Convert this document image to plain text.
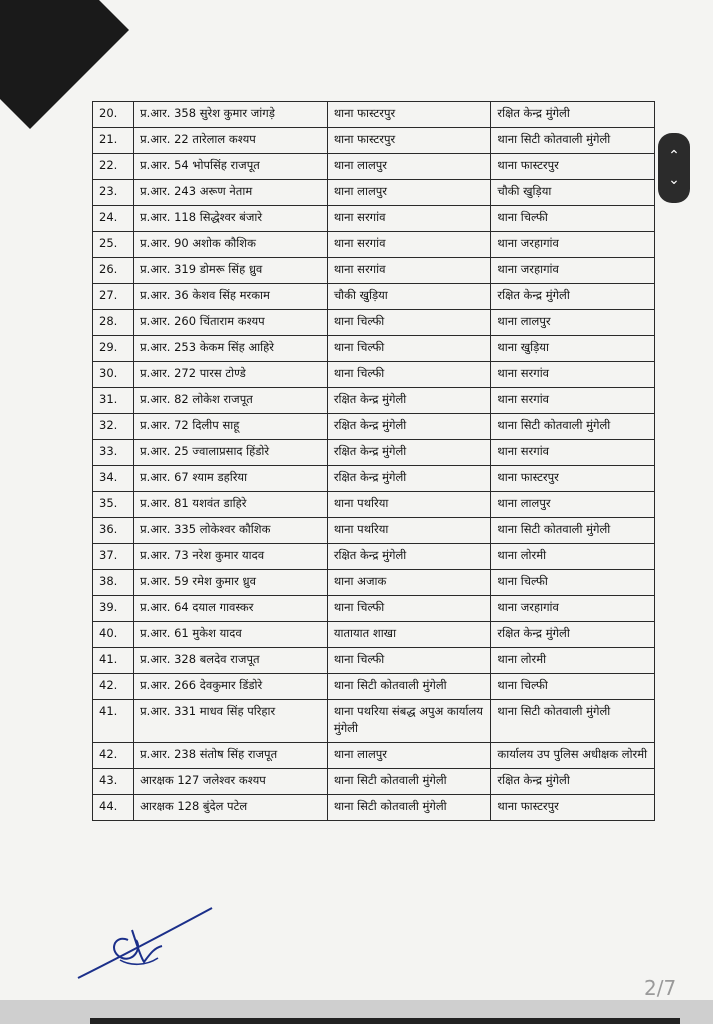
20.	प्र.आर. 358 सुरेश कुमार जांगड़े	थाना फास्टरपुर	रक्षित केन्द्र मुंगेली
21.	प्र.आर. 22 तारेलाल कश्यप	थाना फास्टरपुर	थाना सिटी कोतवाली मुंगेली
22.	प्र.आर. 54 भोपसिंह राजपूत	थाना लालपुर	थाना फास्टरपुर
23.	प्र.आर. 243 अरूण नेताम	थाना लालपुर	चौकी खुड़िया
24.	प्र.आर. 118 सिद्धेश्वर बंजारे	थाना सरगांव	थाना चिल्फी
25.	प्र.आर. 90 अशोक कौशिक	थाना सरगांव	थाना जरहागांव
26.	प्र.आर. 319 डोमरू सिंह ध्रुव	थाना सरगांव	थाना जरहागांव
27.	प्र.आर. 36 केशव सिंह मरकाम	चौकी खुड़िया	रक्षित केन्द्र मुंगेली
28.	प्र.आर. 260 चिंताराम कश्यप	थाना चिल्फी	थाना लालपुर
29.	प्र.आर. 253 केकम सिंह आहिरे	थाना चिल्फी	थाना खुड़िया
30.	प्र.आर. 272 पारस टोण्डे	थाना चिल्फी	थाना सरगांव
31.	प्र.आर. 82 लोकेश राजपूत	रक्षित केन्द्र मुंगेली	थाना सरगांव
32.	प्र.आर. 72 दिलीप साहू	रक्षित केन्द्र मुंगेली	थाना सिटी कोतवाली मुंगेली
33.	प्र.आर. 25 ज्वालाप्रसाद हिंडोरे	रक्षित केन्द्र मुंगेली	थाना सरगांव
34.	प्र.आर. 67 श्याम डहरिया	रक्षित केन्द्र मुंगेली	थाना फास्टरपुर
35.	प्र.आर. 81 यशवंत डाहिरे	थाना पथरिया	थाना लालपुर
36.	प्र.आर. 335 लोकेश्वर कौशिक	थाना पथरिया	थाना सिटी कोतवाली मुंगेली
37.	प्र.आर. 73 नरेश कुमार यादव	रक्षित केन्द्र मुंगेली	थाना लोरमी
38.	प्र.आर. 59 रमेश कुमार ध्रुव	थाना अजाक	थाना चिल्फी
39.	प्र.आर. 64 दयाल गावस्कर	थाना चिल्फी	थाना जरहागांव
40.	प्र.आर. 61 मुकेश यादव	यातायात शाखा	रक्षित केन्द्र मुंगेली
41.	प्र.आर. 328 बलदेव राजपूत	थाना चिल्फी	थाना लोरमी
42.	प्र.आर. 266 देवकुमार डिंडोरे	थाना सिटी कोतवाली मुंगेली	थाना चिल्फी
41.	प्र.आर. 331 माधव सिंह परिहार	थाना पथरिया संबद्ध अपुअ कार्यालय मुंगेली	थाना सिटी कोतवाली मुंगेली
42.	प्र.आर. 238 संतोष सिंह राजपूत	थाना लालपुर	कार्यालय उप पुलिस अधीक्षक लोरमी
43.	आरक्षक 127 जलेश्वर कश्यप	थाना सिटी कोतवाली मुंगेली	रक्षित केन्द्र मुंगेली
44.	आरक्षक 128 बुंदेल पटेल	थाना सिटी कोतवाली मुंगेली	थाना फास्टरपुर
2/7
⌃
⌄
